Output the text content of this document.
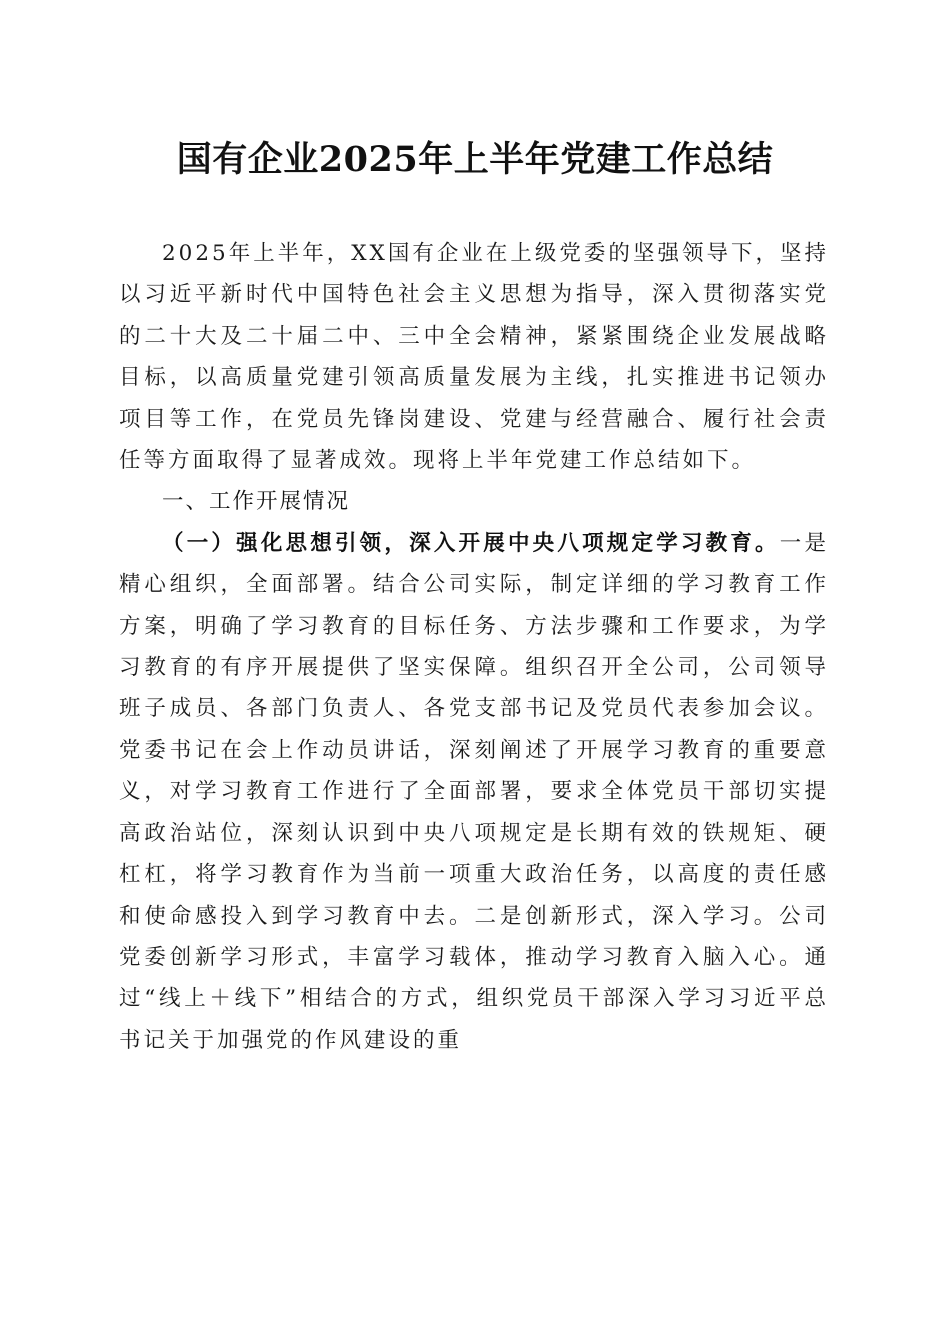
国有企业2025年上半年党建工作总结

2025年上半年，XX国有企业在上级党委的坚强领导下，坚持以习近平新时代中国特色社会主义思想为指导，深入贯彻落实党的二十大及二十届二中、三中全会精神，紧紧围绕企业发展战略目标，以高质量党建引领高质量发展为主线，扎实推进书记领办项目等工作，在党员先锋岗建设、党建与经营融合、履行社会责任等方面取得了显著成效。现将上半年党建工作总结如下。

一、工作开展情况

（一）强化思想引领，深入开展中央八项规定学习教育。一是精心组织，全面部署。结合公司实际，制定详细的学习教育工作方案，明确了学习教育的目标任务、方法步骤和工作要求，为学习教育的有序开展提供了坚实保障。组织召开全公司，公司领导班子成员、各部门负责人、各党支部书记及党员代表参加会议。党委书记在会上作动员讲话，深刻阐述了开展学习教育的重要意义，对学习教育工作进行了全面部署，要求全体党员干部切实提高政治站位，深刻认识到中央八项规定是长期有效的铁规矩、硬杠杠，将学习教育作为当前一项重大政治任务，以高度的责任感和使命感投入到学习教育中去。二是创新形式，深入学习。公司党委创新学习形式，丰富学习载体，推动学习教育入脑入心。通过“线上＋线下”相结合的方式，组织党员干部深入学习习近平总书记关于加强党的作风建设的重
